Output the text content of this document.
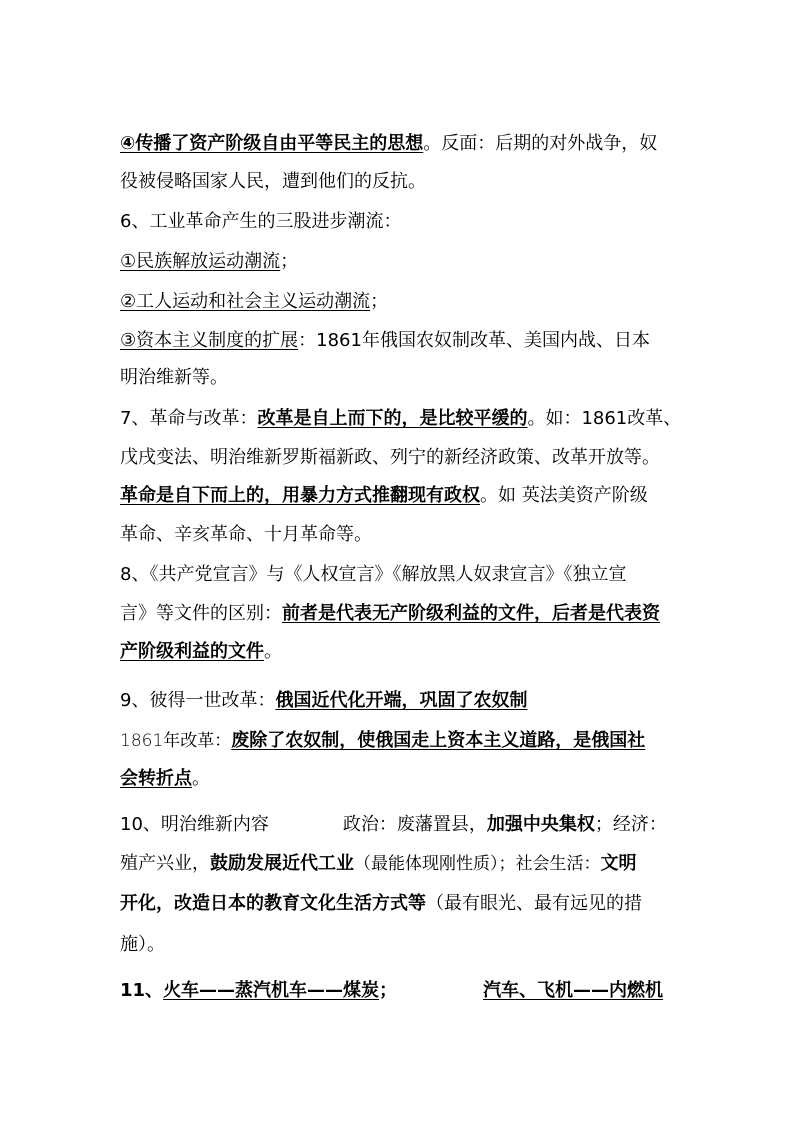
④传播了资产阶级自由平等民主的思想。反面：后期的对外战争，奴
役被侵略国家人民，遭到他们的反抗。
6、工业革命产生的三股进步潮流：
①民族解放运动潮流；
②工人运动和社会主义运动潮流；
③资本主义制度的扩展：1861年俄国农奴制改革、美国内战、日本
明治维新等。
7、革命与改革：改革是自上而下的，是比较平缓的。如：1861改革、
戊戌变法、明治维新罗斯福新政、列宁的新经济政策、改革开放等。
革命是自下而上的，用暴力方式推翻现有政权。如 英法美资产阶级
革命、辛亥革命、十月革命等。
8、《共产党宣言》与《人权宣言》《解放黑人奴隶宣言》《独立宣
言》等文件的区别：前者是代表无产阶级利益的文件，后者是代表资
产阶级利益的文件。
9、彼得一世改革：俄国近代化开端，巩固了农奴制
1861年改革：废除了农奴制，使俄国走上资本主义道路，是俄国社
会转折点。
10、明治维新内容	政治：废藩置县，加强中央集权；经济：
殖产兴业，鼓励发展近代工业（最能体现刚性质）；社会生活：文明
开化，改造日本的教育文化生活方式等（最有眼光、最有远见的措
施）。
11、火车——蒸汽机车——煤炭；	汽车、飞机——内燃机
